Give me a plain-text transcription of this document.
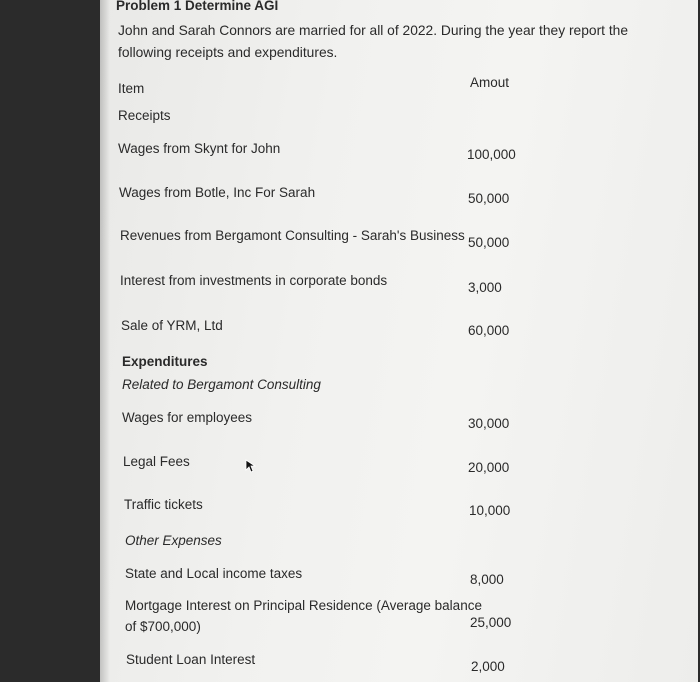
Problem 1 Determine AGI
John and Sarah Connors are married for all of 2022. During the year they report the following receipts and expenditures.
Item	Amout
Receipts
Wages from Skynt for John	100,000
Wages from Botle, Inc For Sarah	50,000
Revenues from Bergamont Consulting - Sarah's Business 50,000
Interest from investments in corporate bonds	3,000
Sale of YRM, Ltd	60,000
Expenditures
Related to Bergamont Consulting
Wages for employees	30,000
Legal Fees	20,000
Traffic tickets	10,000
Other Expenses
State and Local income taxes	8,000
Mortgage Interest on Principal Residence (Average balance of $700,000)	25,000
Student Loan Interest	2,000
